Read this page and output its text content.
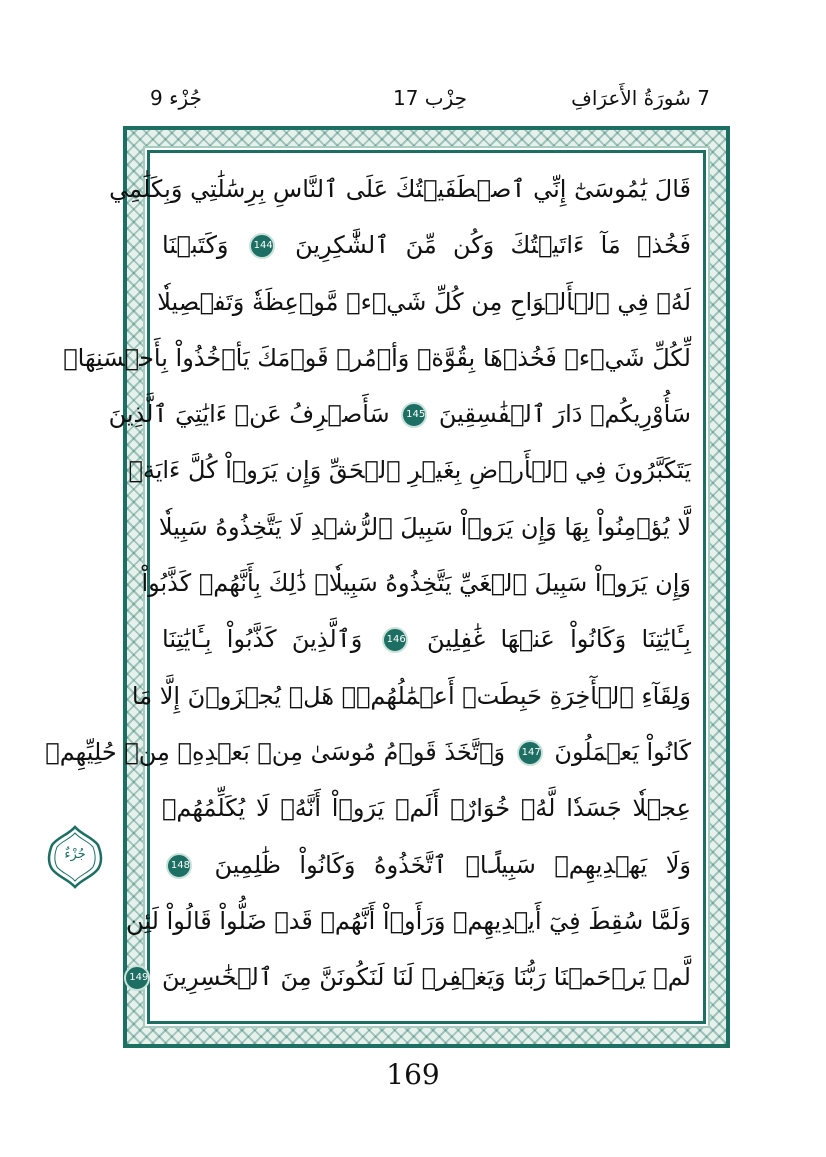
7 سُورَةُ الأَعرَافِ
حِزْب 17
جُزْء 9
قَالَ يَٰمُوسَىٰٓ إِنِّي ٱصۡطَفَيۡتُكَ عَلَى ٱلنَّاسِ بِرِسَٰلَٰتِي وَبِكَلَٰمِي
فَخُذۡ مَآ ءَاتَيۡتُكَ وَكُن مِّنَ ٱلشَّٰكِرِينَ 144 وَكَتَبۡنَا
لَهُۥ فِي ٱلۡأَلۡوَاحِ مِن كُلِّ شَيۡءٖ مَّوۡعِظَةٗ وَتَفۡصِيلٗا
لِّكُلِّ شَيۡءٖ فَخُذۡهَا بِقُوَّةٖ وَأۡمُرۡ قَوۡمَكَ يَأۡخُذُواْ بِأَحۡسَنِهَاۚ
سَأُوْرِيكُمۡ دَارَ ٱلۡفَٰسِقِينَ 145 سَأَصۡرِفُ عَنۡ ءَايَٰتِيَ ٱلَّذِينَ
يَتَكَبَّرُونَ فِي ٱلۡأَرۡضِ بِغَيۡرِ ٱلۡحَقِّ وَإِن يَرَوۡاْ كُلَّ ءَايَةٖ
لَّا يُؤۡمِنُواْ بِهَا وَإِن يَرَوۡاْ سَبِيلَ ٱلرُّشۡدِ لَا يَتَّخِذُوهُ سَبِيلٗا
وَإِن يَرَوۡاْ سَبِيلَ ٱلۡغَيِّ يَتَّخِذُوهُ سَبِيلٗاۚ ذَٰلِكَ بِأَنَّهُمۡ كَذَّبُواْ
بِـَٔايَٰتِنَا وَكَانُواْ عَنۡهَا غَٰفِلِينَ 146 وَٱلَّذِينَ كَذَّبُواْ بِـَٔايَٰتِنَا
وَلِقَآءِ ٱلۡأٓخِرَةِ حَبِطَتۡ أَعۡمَٰلُهُمۡۚ هَلۡ يُجۡزَوۡنَ إِلَّا مَا
كَانُواْ يَعۡمَلُونَ 147 وَٱتَّخَذَ قَوۡمُ مُوسَىٰ مِنۢ بَعۡدِهِۦ مِنۡ حُلِيِّهِمۡ
عِجۡلٗا جَسَدٗا لَّهُۥ خُوَارٌۚ أَلَمۡ يَرَوۡاْ أَنَّهُۥ لَا يُكَلِّمُهُمۡ
وَلَا يَهۡدِيهِمۡ سَبِيلًاۘ ٱتَّخَذُوهُ وَكَانُواْ ظَٰلِمِينَ 148
وَلَمَّا سُقِطَ فِيٓ أَيۡدِيهِمۡ وَرَأَوۡاْ أَنَّهُمۡ قَدۡ ضَلُّواْ قَالُواْ لَئِن
لَّمۡ يَرۡحَمۡنَا رَبُّنَا وَيَغۡفِرۡ لَنَا لَنَكُونَنَّ مِنَ ٱلۡخَٰسِرِينَ 149
جُزْءٌ
169
